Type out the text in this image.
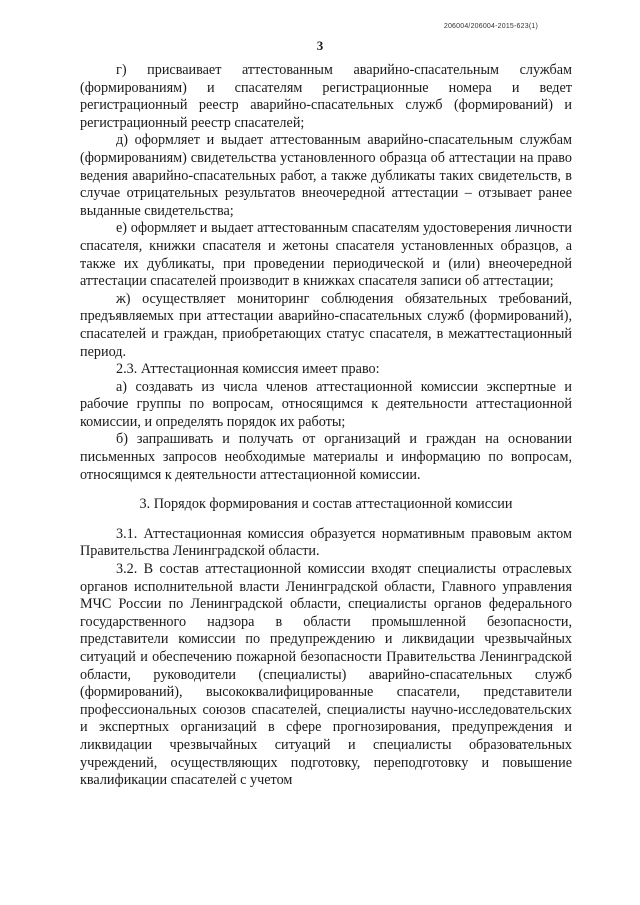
206004/206004-2015-623(1)
3

г) присваивает аттестованным аварийно-спасательным службам (формированиям) и спасателям регистрационные номера и ведет регистрационный реестр аварийно-спасательных служб (формирований) и регистрационный реестр спасателей;

д) оформляет и выдает аттестованным аварийно-спасательным службам (формированиям) свидетельства установленного образца об аттестации на право ведения аварийно-спасательных работ, а также дубликаты таких свидетельств, в случае отрицательных результатов внеочередной аттестации – отзывает ранее выданные свидетельства;

е) оформляет и выдает аттестованным спасателям удостоверения личности спасателя, книжки спасателя и жетоны спасателя установленных образцов, а также их дубликаты, при проведении периодической и (или) внеочередной аттестации спасателей производит в книжках спасателя записи об аттестации;

ж) осуществляет мониторинг соблюдения обязательных требований, предъявляемых при аттестации аварийно-спасательных служб (формирований), спасателей и граждан, приобретающих статус спасателя, в межаттестационный период.

2.3. Аттестационная комиссия имеет право:

а) создавать из числа членов аттестационной комиссии экспертные и рабочие группы по вопросам, относящимся к деятельности аттестационной комиссии, и определять порядок их работы;

б) запрашивать и получать от организаций и граждан на основании письменных запросов необходимые материалы и информацию по вопросам, относящимся к деятельности аттестационной комиссии.

3. Порядок формирования и состав аттестационной комиссии

3.1. Аттестационная комиссия образуется нормативным правовым актом Правительства Ленинградской области.

3.2. В состав аттестационной комиссии входят специалисты отраслевых органов исполнительной власти Ленинградской области, Главного управления МЧС России по Ленинградской области, специалисты органов федерального государственного надзора в области промышленной безопасности, представители комиссии по предупреждению и ликвидации чрезвычайных ситуаций и обеспечению пожарной безопасности Правительства Ленинградской области, руководители (специалисты) аварийно-спасательных служб (формирований), высококвалифицированные спасатели, представители профессиональных союзов спасателей, специалисты научно-исследовательских и экспертных организаций в сфере прогнозирования, предупреждения и ликвидации чрезвычайных ситуаций и специалисты образовательных учреждений, осуществляющих подготовку, переподготовку и повышение квалификации спасателей с учетом
